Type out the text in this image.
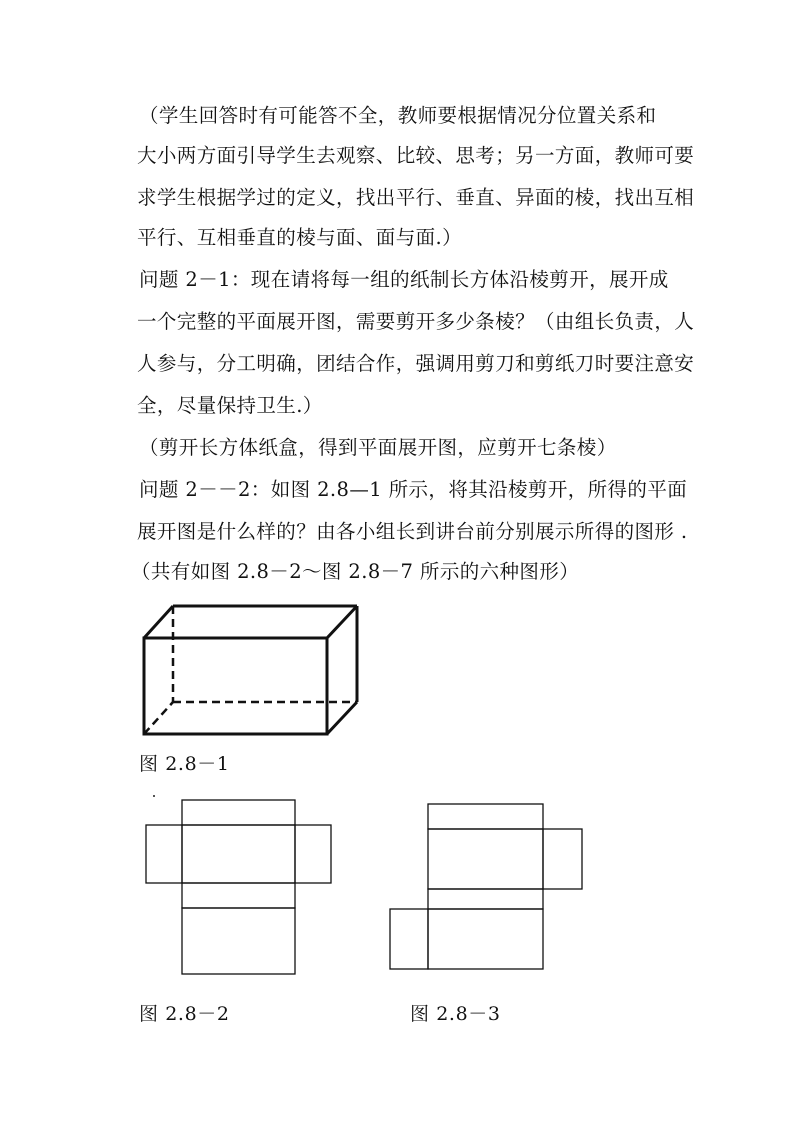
（学生回答时有可能答不全，教师要根据情况分位置关系和
大小两方面引导学生去观察、比较、思考；另一方面，教师可要
求学生根据学过的定义，找出平行、垂直、异面的棱，找出互相
平行、互相垂直的棱与面、面与面.）
问题 2－1：现在请将每一组的纸制长方体沿棱剪开，展开成
一个完整的平面展开图，需要剪开多少条棱？（由组长负责，人
人参与，分工明确，团结合作，强调用剪刀和剪纸刀时要注意安
全，尽量保持卫生.）
（剪开长方体纸盒，得到平面展开图，应剪开七条棱）
问题 2－－2：如图 2.8—1 所示，将其沿棱剪开，所得的平面
展开图是什么样的？由各小组长到讲台前分别展示所得的图形 .
（共有如图 2.8－2～图 2.8－7 所示的六种图形）
图 2.8－1
图 2.8－2	图 2.8－3
